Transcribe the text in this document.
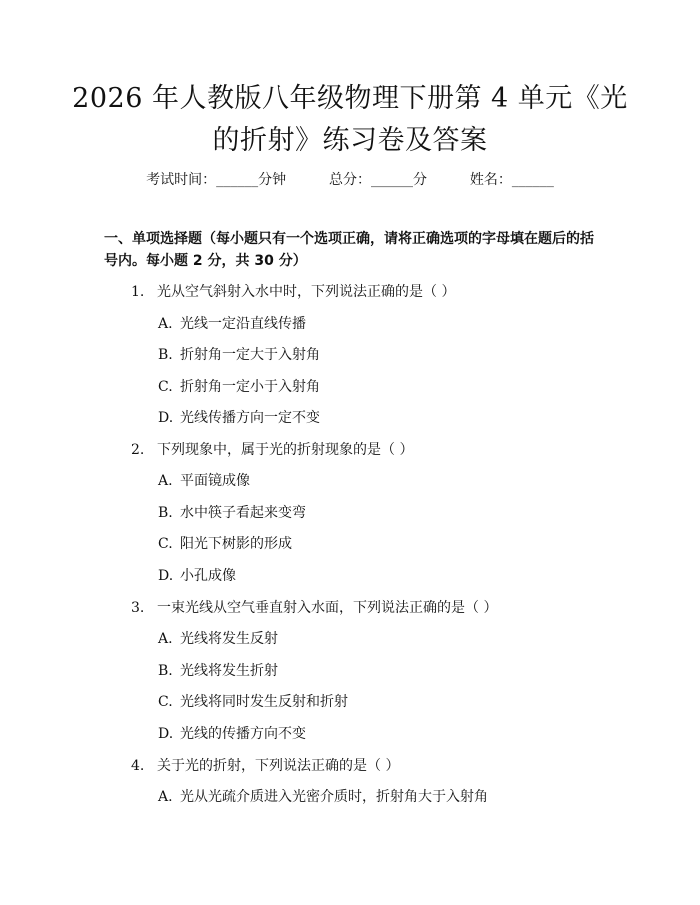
2026 年人教版八年级物理下册第 4 单元《光
的折射》练习卷及答案
考试时间：______分钟	总分：______分	姓名：______
一、单项选择题（每小题只有一个选项正确，请将正确选项的字母填在题后的括
号内。每小题 2 分，共 30 分）
1. 光从空气斜射入水中时，下列说法正确的是（ ）
A. 光线一定沿直线传播
B. 折射角一定大于入射角
C. 折射角一定小于入射角
D. 光线传播方向一定不变
2. 下列现象中，属于光的折射现象的是（ ）
A. 平面镜成像
B. 水中筷子看起来变弯
C. 阳光下树影的形成
D. 小孔成像
3. 一束光线从空气垂直射入水面，下列说法正确的是（ ）
A. 光线将发生反射
B. 光线将发生折射
C. 光线将同时发生反射和折射
D. 光线的传播方向不变
4. 关于光的折射，下列说法正确的是（ ）
A. 光从光疏介质进入光密介质时，折射角大于入射角
